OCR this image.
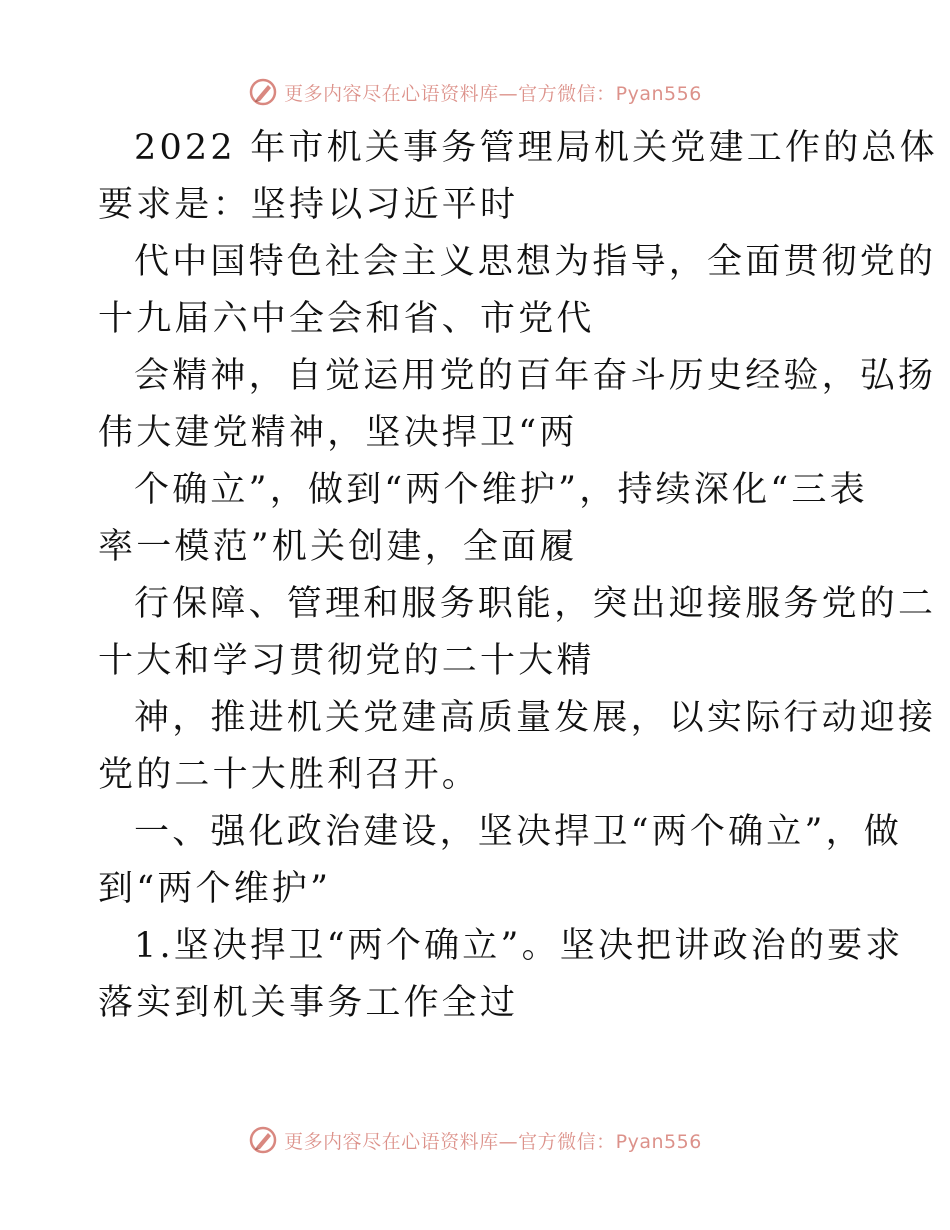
更多内容尽在心语资料库—官方微信：Pyan556
2022 年市机关事务管理局机关党建工作的总体
要求是：坚持以习近平时
代中国特色社会主义思想为指导，全面贯彻党的
十九届六中全会和省、市党代
会精神，自觉运用党的百年奋斗历史经验，弘扬
伟大建党精神，坚决捍卫“两
个确立”，做到“两个维护”，持续深化“三表
率一模范”机关创建，全面履
行保障、管理和服务职能，突出迎接服务党的二
十大和学习贯彻党的二十大精
神，推进机关党建高质量发展，以实际行动迎接
党的二十大胜利召开。
一、强化政治建设，坚决捍卫“两个确立”，做
到“两个维护”
1.坚决捍卫“两个确立”。坚决把讲政治的要求
落实到机关事务工作全过
更多内容尽在心语资料库—官方微信：Pyan556
